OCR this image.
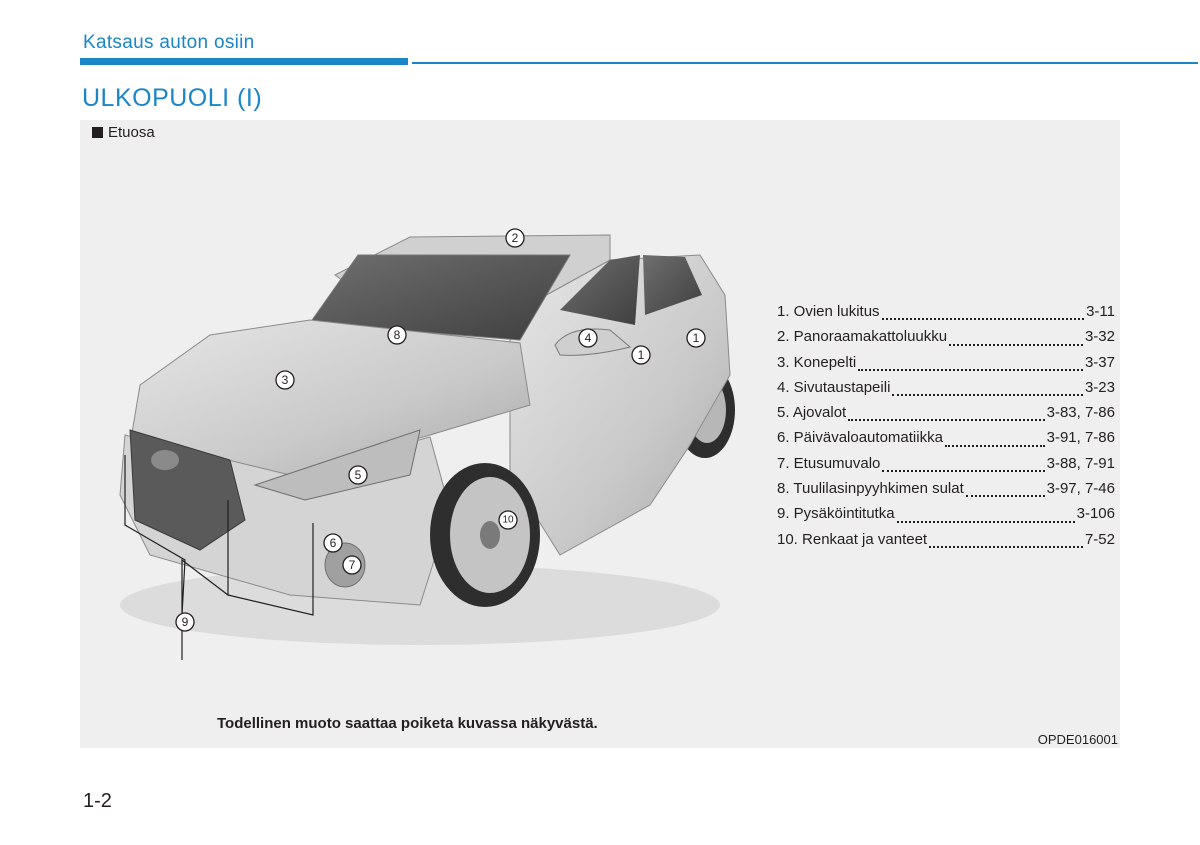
Katsaus auton osiin
ULKOPUOLI (I)
Etuosa
2
8
3
4
1
1
5
6
7
10
9
1. Ovien lukitus	3-11
2. Panoraamakattoluukku	3-32
3. Konepelti	3-37
4. Sivutaustapeili	3-23
5. Ajovalot	3-83, 7-86
6. Päivävaloautomatiikka	3-91, 7-86
7. Etusumuvalo	3-88, 7-91
8. Tuulilasinpyyhkimen sulat	3-97, 7-46
9. Pysäköintitutka	3-106
10. Renkaat ja vanteet	7-52
Todellinen muoto saattaa poiketa kuvassa näkyvästä.
OPDE016001
1-2
